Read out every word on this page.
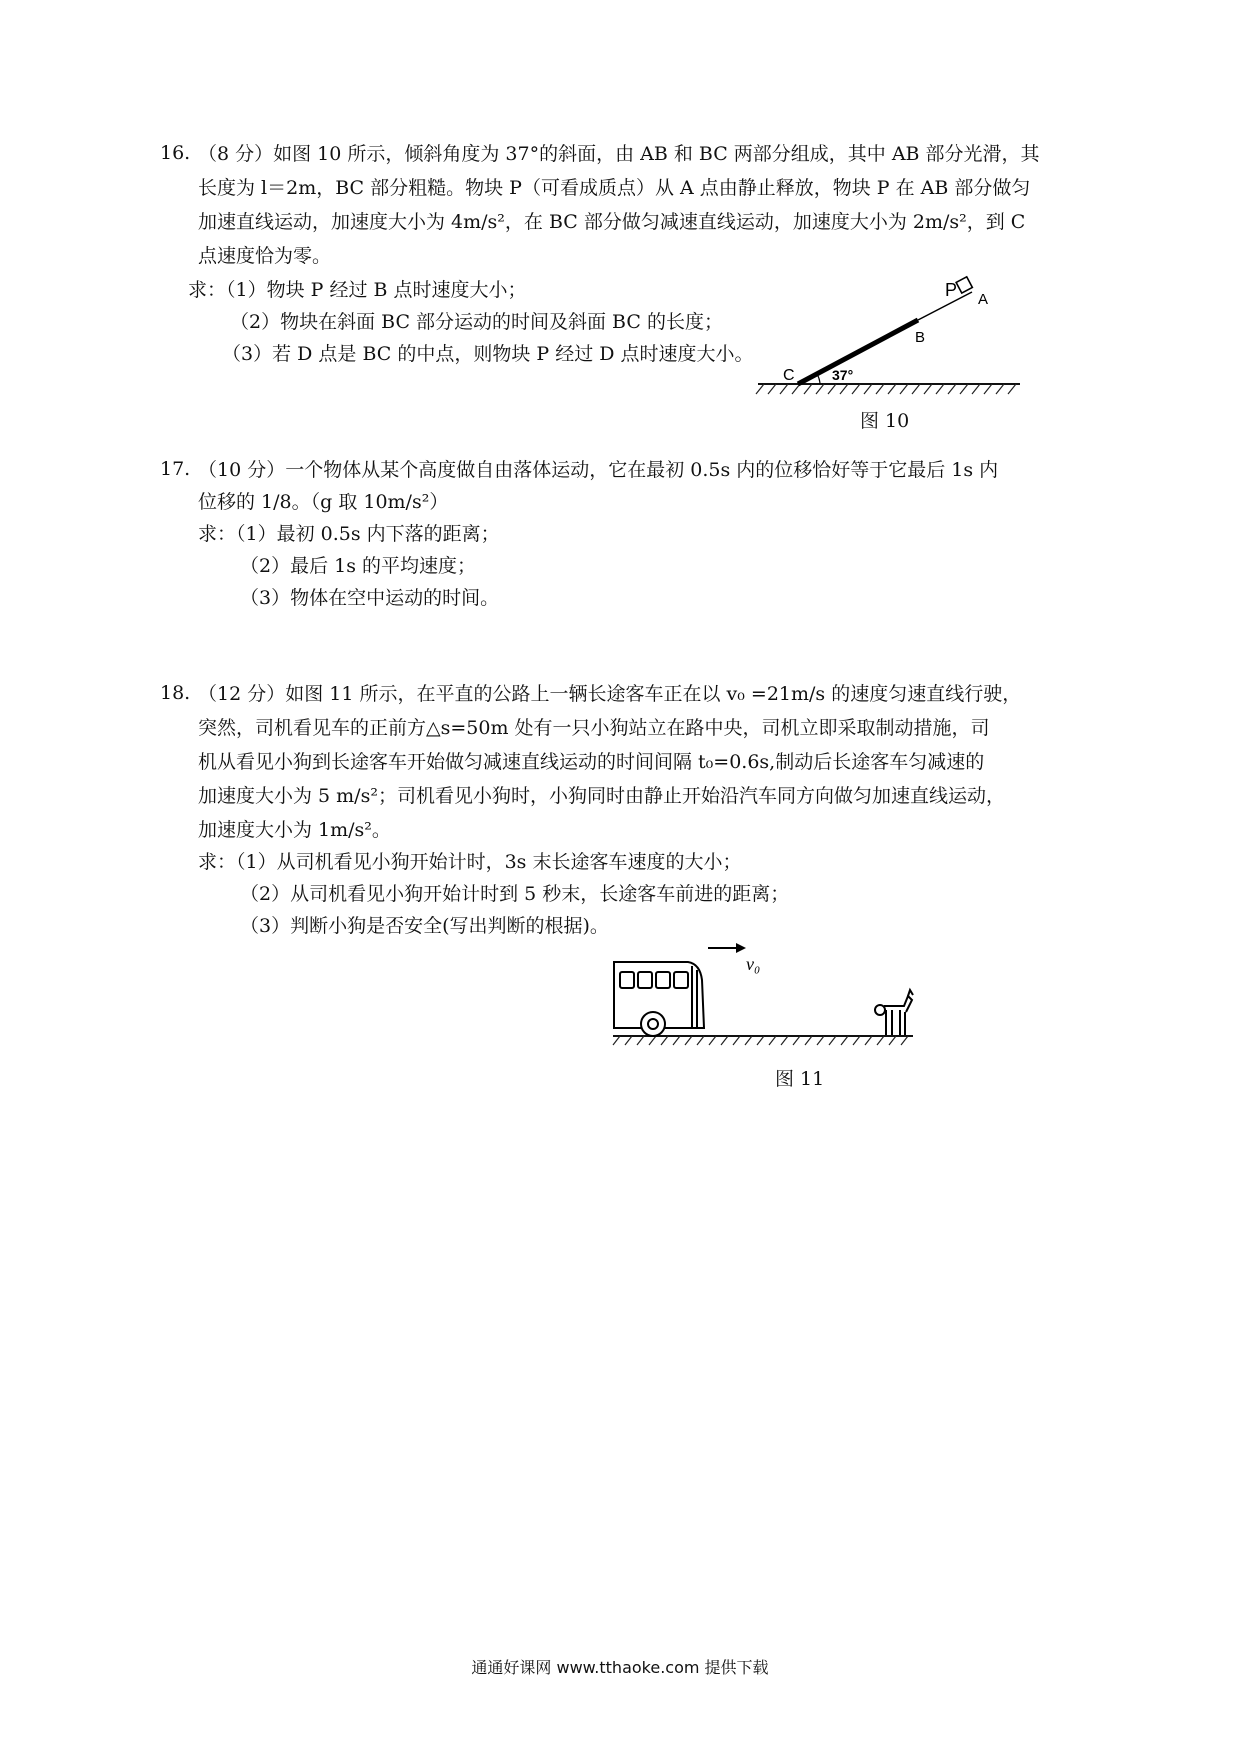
16. （8 分）如图 10 所示，倾斜角度为 37°的斜面，由 AB 和 BC 两部分组成，其中 AB 部分光滑，其
长度为 l＝2m，BC 部分粗糙。物块 P（可看成质点）从 A 点由静止释放，物块 P 在 AB 部分做匀
加速直线运动，加速度大小为 4m/s²，在 BC 部分做匀减速直线运动，加速度大小为 2m/s²，到 C
点速度恰为零。
求：（1）物块 P 经过 B 点时速度大小；
（2）物块在斜面 BC 部分运动的时间及斜面 BC 的长度；
（3）若 D 点是 BC 的中点，则物块 P 经过 D 点时速度大小。
P A
B
C	37°
图 10
17. （10 分）一个物体从某个高度做自由落体运动，它在最初 0.5s 内的位移恰好等于它最后 1s 内
位移的 1/8。（g 取 10m/s²）
求：（1）最初 0.5s 内下落的距离；
（2）最后 1s 的平均速度；
（3）物体在空中运动的时间。
18. （12 分）如图 11 所示，在平直的公路上一辆长途客车正在以 v₀ =21m/s 的速度匀速直线行驶，
突然，司机看见车的正前方△s=50m 处有一只小狗站立在路中央，司机立即采取制动措施，司
机从看见小狗到长途客车开始做匀减速直线运动的时间间隔 t₀=0.6s,制动后长途客车匀减速的
加速度大小为 5 m/s²；司机看见小狗时，小狗同时由静止开始沿汽车同方向做匀加速直线运动，
加速度大小为 1m/s²。
求：（1）从司机看见小狗开始计时，3s 末长途客车速度的大小；
（2）从司机看见小狗开始计时到 5 秒末，长途客车前进的距离；
（3）判断小狗是否安全(写出判断的根据)。
v₀
图 11
通通好课网 www.tthaoke.com 提供下载
